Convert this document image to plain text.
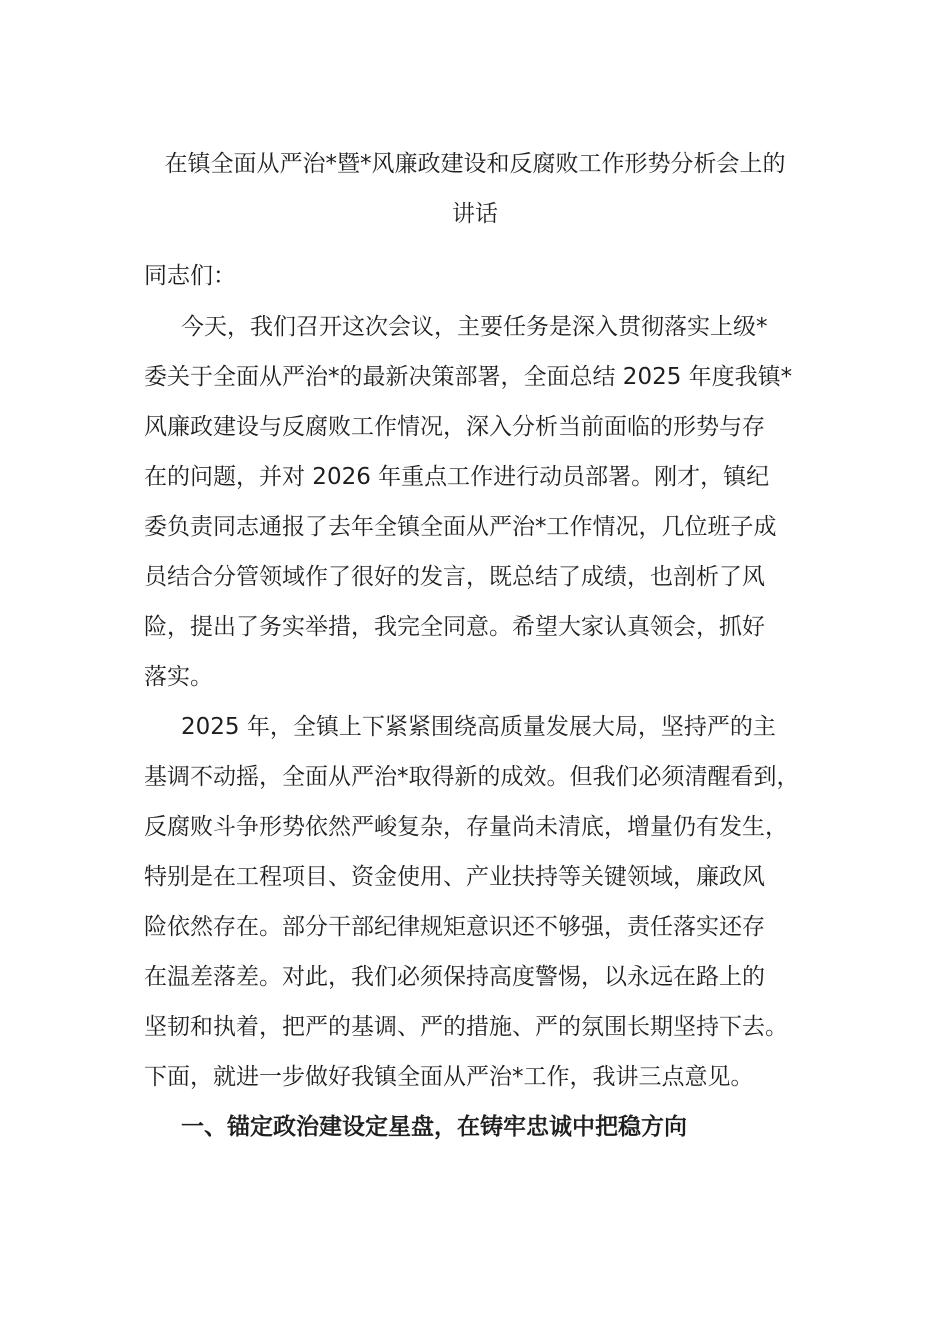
在镇全面从严治*暨*风廉政建设和反腐败工作形势分析会上的
讲话

同志们：

今天，我们召开这次会议，主要任务是深入贯彻落实上级*

委关于全面从严治*的最新决策部署，全面总结 2025 年度我镇*

风廉政建设与反腐败工作情况，深入分析当前面临的形势与存

在的问题，并对 2026 年重点工作进行动员部署。刚才，镇纪

委负责同志通报了去年全镇全面从严治*工作情况，几位班子成

员结合分管领域作了很好的发言，既总结了成绩，也剖析了风

险，提出了务实举措，我完全同意。希望大家认真领会，抓好

落实。

2025 年，全镇上下紧紧围绕高质量发展大局，坚持严的主

基调不动摇，全面从严治*取得新的成效。但我们必须清醒看到，

反腐败斗争形势依然严峻复杂，存量尚未清底，增量仍有发生，

特别是在工程项目、资金使用、产业扶持等关键领域，廉政风

险依然存在。部分干部纪律规矩意识还不够强，责任落实还存

在温差落差。对此，我们必须保持高度警惕，以永远在路上的

坚韧和执着，把严的基调、严的措施、严的氛围长期坚持下去。

下面，就进一步做好我镇全面从严治*工作，我讲三点意见。

一、锚定政治建设定星盘，在铸牢忠诚中把稳方向
